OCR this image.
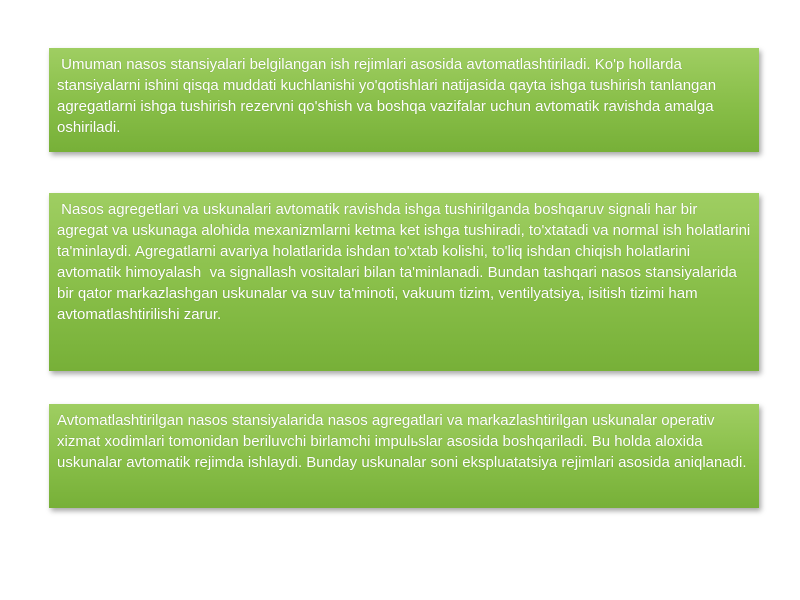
Umuman nasos stansiyalari belgilangan ish rejimlari asosida avtomatlashtiriladi. Ko'p hollarda stansiyalarni ishini qisqa muddati kuchlanishi yo'qotishlari natijasida qayta ishga tushirish tanlangan agregatlarni ishga tushirish rezervni qo'shish va boshqa vazifalar uchun avtomatik ravishda amalga oshiriladi.

Nasos agregetlari va uskunalari avtomatik ravishda ishga tushirilganda boshqaruv signali har bir agregat va uskunaga alohida mexanizmlarni ketma ket ishga tushiradi, to'xtatadi va normal ish holatlarini ta'minlaydi. Agregatlarni avariya holatlarida ishdan to'xtab kolishi, to'liq ishdan chiqish holatlarini   avtomatik himoyalash  va signallash vositalari bilan ta'minlanadi. Bundan tashqari nasos stansiyalarida bir qator markazlashgan uskunalar va suv ta'minoti, vakuum tizim, ventilyatsiya, isitish tizimi ham avtomatlashtirilishi zarur.

Avtomatlashtirilgan nasos stansiyalarida nasos agregatlari va markazlashtirilgan uskunalar operativ xizmat xodimlari tomonidan beriluvchi birlamchi impulьslar asosida boshqariladi. Bu holda aloxida uskunalar avtomatik rejimda ishlaydi. Bunday uskunalar soni ekspluatatsiya rejimlari asosida aniqlanadi.
